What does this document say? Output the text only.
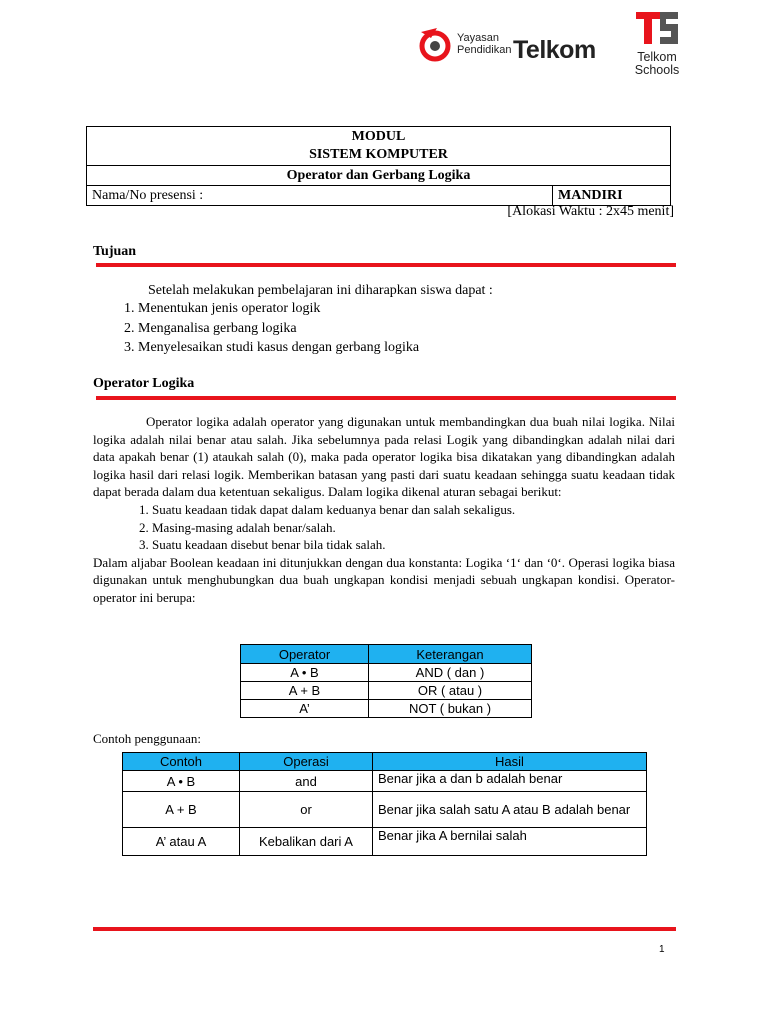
Yayasan
Pendidikan Telkom	Telkom
Schools
MODUL
SISTEM KOMPUTER

Operator dan Gerbang Logika
Nama/No presensi :	MANDIRI
[Alokasi Waktu : 2x45 menit]
Tujuan
Setelah melakukan pembelajaran ini diharapkan siswa dapat :
1. Menentukan jenis operator logik
2. Menganalisa gerbang logika
3. Menyelesaikan studi kasus dengan gerbang logika
Operator Logika

Operator logika adalah operator yang digunakan untuk membandingkan dua buah nilai logika. Nilai logika adalah nilai benar atau salah. Jika sebelumnya pada relasi Logik yang dibandingkan adalah nilai dari data apakah benar (1) ataukah salah (0), maka pada operator logika bisa dikatakan yang dibandingkan adalah logika hasil dari relasi logik. Memberikan batasan yang pasti dari suatu keadaan sehingga suatu keadaan tidak dapat berada dalam dua ketentuan sekaligus. Dalam logika dikenal aturan sebagai berikut:

1. Suatu keadaan tidak dapat dalam keduanya benar dan salah sekaligus.

2. Masing-masing adalah benar/salah.

3. Suatu keadaan disebut benar bila tidak salah.

Dalam aljabar Boolean keadaan ini ditunjukkan dengan dua konstanta: Logika ‘1‘ dan ‘0‘. Operasi logika biasa digunakan untuk menghubungkan dua buah ungkapan kondisi menjadi sebuah ungkapan kondisi. Operator-operator ini berupa:

Operator	Keterangan
A • B	AND ( dan )
A + B	OR ( atau )
A’	NOT ( bukan )
Contoh penggunaan:
Contoh	Operasi	Hasil
A • B	and	Benar jika a dan b adalah benar
A + B	or	Benar jika salah satu A atau B adalah benar
A’ atau A	Kebalikan dari A	Benar jika A bernilai salah
1
